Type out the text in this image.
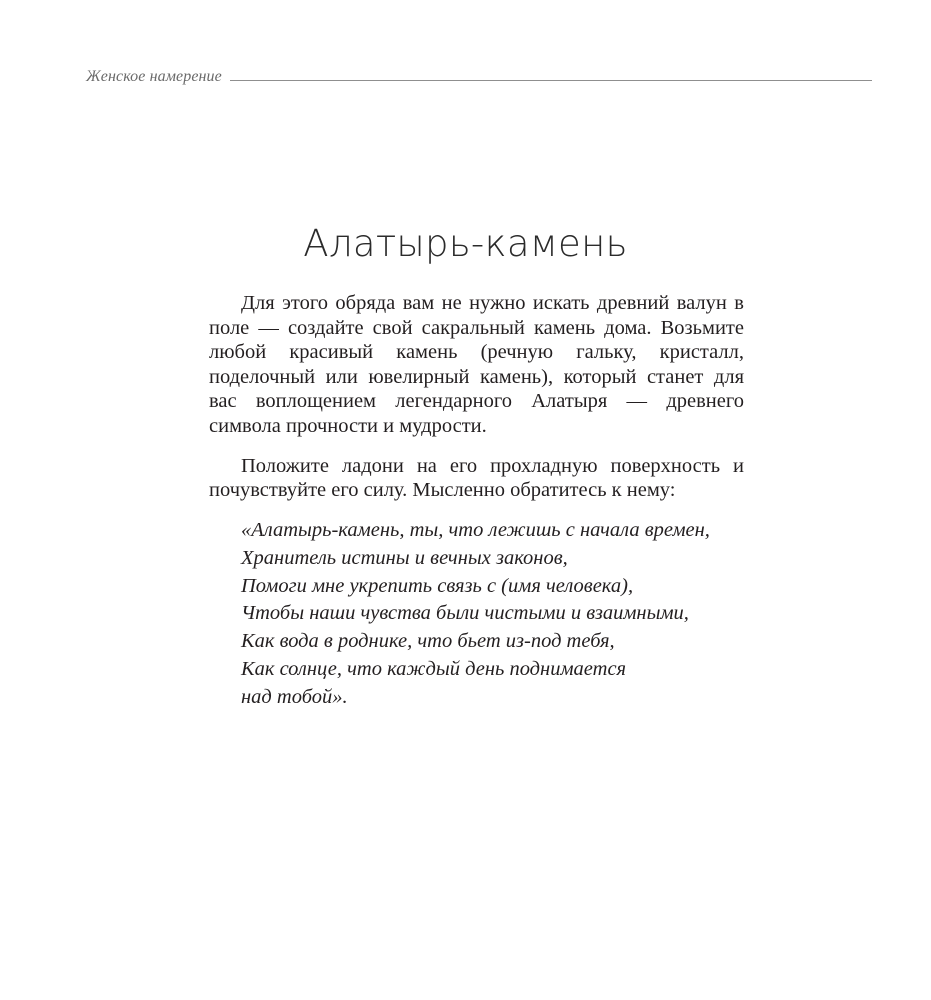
Женское намерение
Алатырь-камень

Для этого обряда вам не нужно искать древний валун в поле — создайте свой сакральный камень дома. Возьмите любой красивый камень (речную гальку, кристалл, поделочный или ювелирный камень), который станет для вас воплощением легендарного Алатыря — древнего символа прочности и мудрости.

Положите ладони на его прохладную поверхность и почувствуйте его силу. Мысленно обратитесь к нему:

«Алатырь-камень, ты, что лежишь с начала времен,
Хранитель истины и вечных законов,
Помоги мне укрепить связь с (имя человека),
Чтобы наши чувства были чистыми и взаимными,
Как вода в роднике, что бьет из-под тебя,
Как солнце, что каждый день поднимается
над тобой».
